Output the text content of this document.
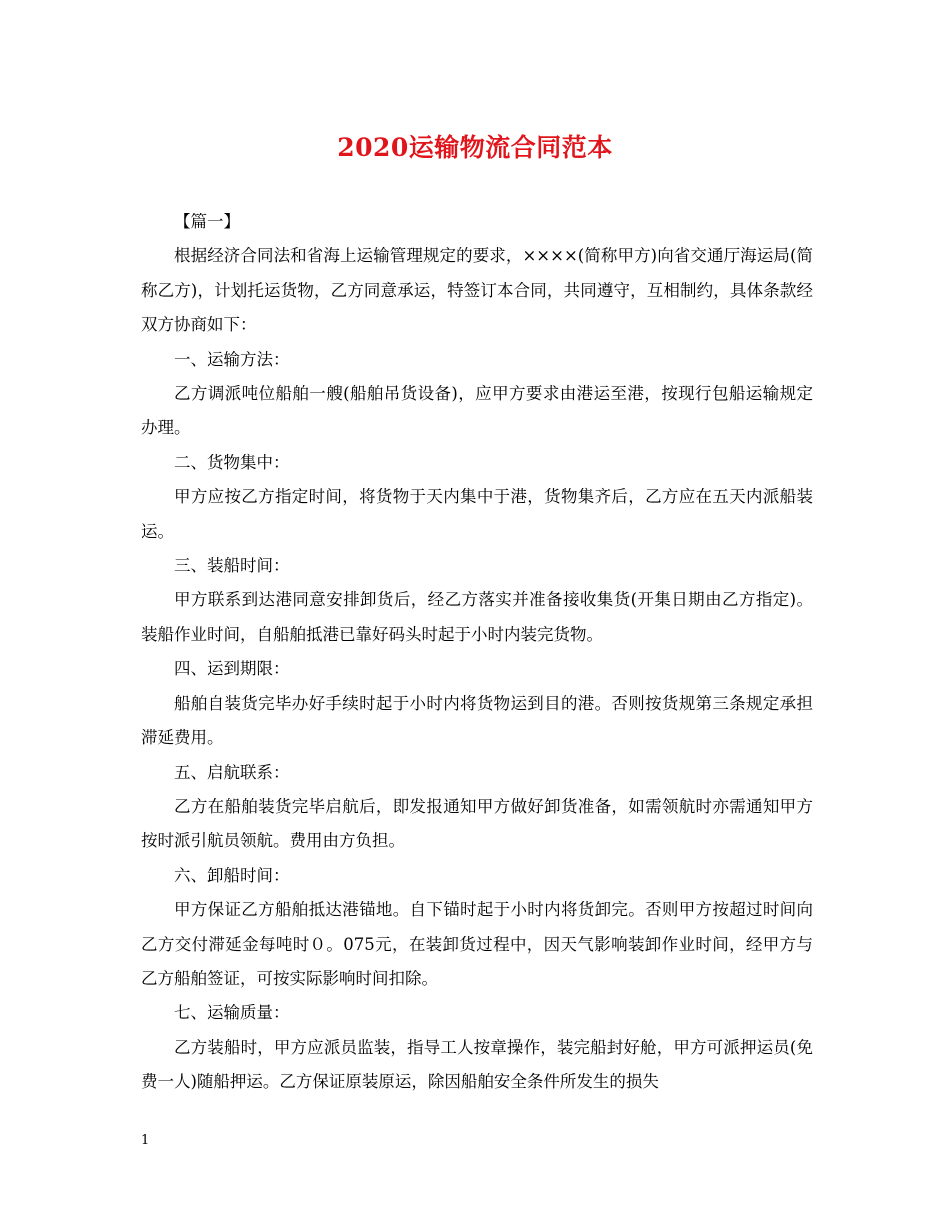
2020运输物流合同范本

【篇一】

根据经济合同法和省海上运输管理规定的要求，××××(简称甲方)向省交通厅海运局(简称乙方)，计划托运货物，乙方同意承运，特签订本合同，共同遵守，互相制约，具体条款经双方协商如下：

一、运输方法：

乙方调派吨位船舶一艘(船舶吊货设备)，应甲方要求由港运至港，按现行包船运输规定办理。

二、货物集中：

甲方应按乙方指定时间，将货物于天内集中于港，货物集齐后，乙方应在五天内派船装运。

三、装船时间：

甲方联系到达港同意安排卸货后，经乙方落实并准备接收集货(开集日期由乙方指定)。装船作业时间，自船舶抵港已靠好码头时起于小时内装完货物。

四、运到期限：

船舶自装货完毕办好手续时起于小时内将货物运到目的港。否则按货规第三条规定承担滞延费用。

五、启航联系：

乙方在船舶装货完毕启航后，即发报通知甲方做好卸货准备，如需领航时亦需通知甲方按时派引航员领航。费用由方负担。

六、卸船时间：

甲方保证乙方船舶抵达港锚地。自下锚时起于小时内将货卸完。否则甲方按超过时间向乙方交付滞延金每吨时０。075元，在装卸货过程中，因天气影响装卸作业时间，经甲方与乙方船舶签证，可按实际影响时间扣除。

七、运输质量：

乙方装船时，甲方应派员监装，指导工人按章操作，装完船封好舱，甲方可派押运员(免费一人)随船押运。乙方保证原装原运，除因船舶安全条件所发生的损失

1
